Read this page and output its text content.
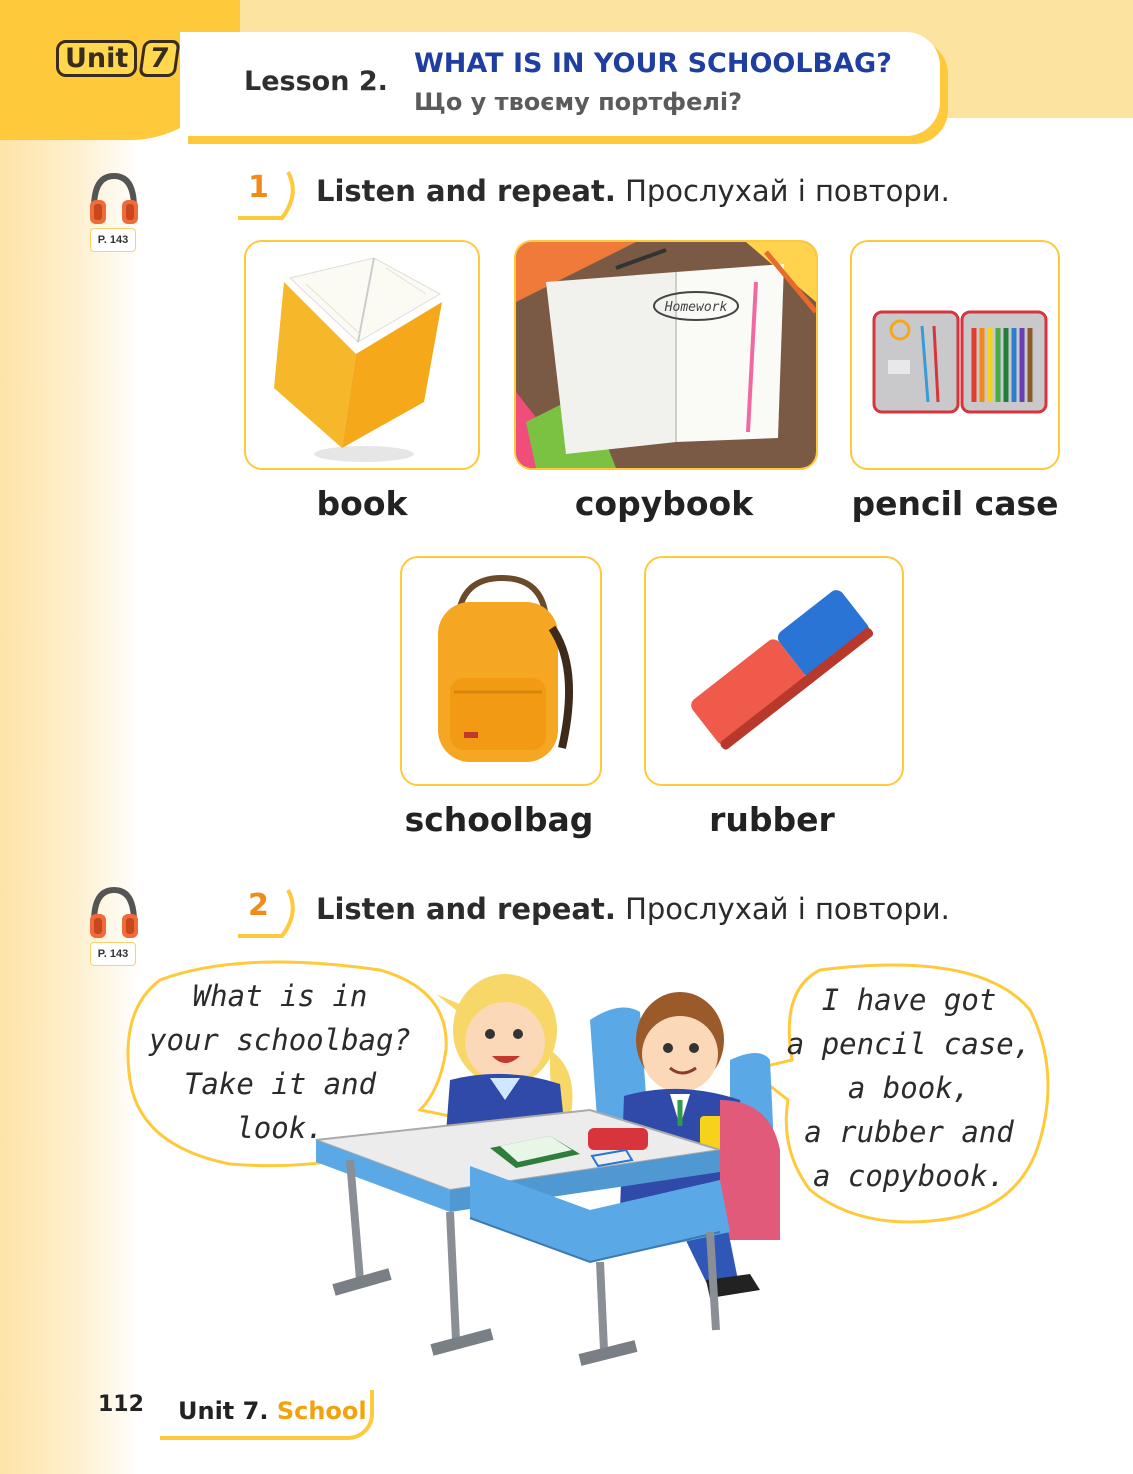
Unit 7
Lesson 2.
WHAT IS IN YOUR SCHOOLBAG?
Що у твоєму портфелі?
P. 143
1 Listen and repeat. Прослухай і повтори.
Homework
book	copybook	pencil case
schoolbag	rubber
P. 143
2 Listen and repeat. Прослухай і повтори.
What is in
your schoolbag?
Take it and
look.
I have got
a pencil case,
a book,
a rubber and
a copybook.
112 Unit 7. School
